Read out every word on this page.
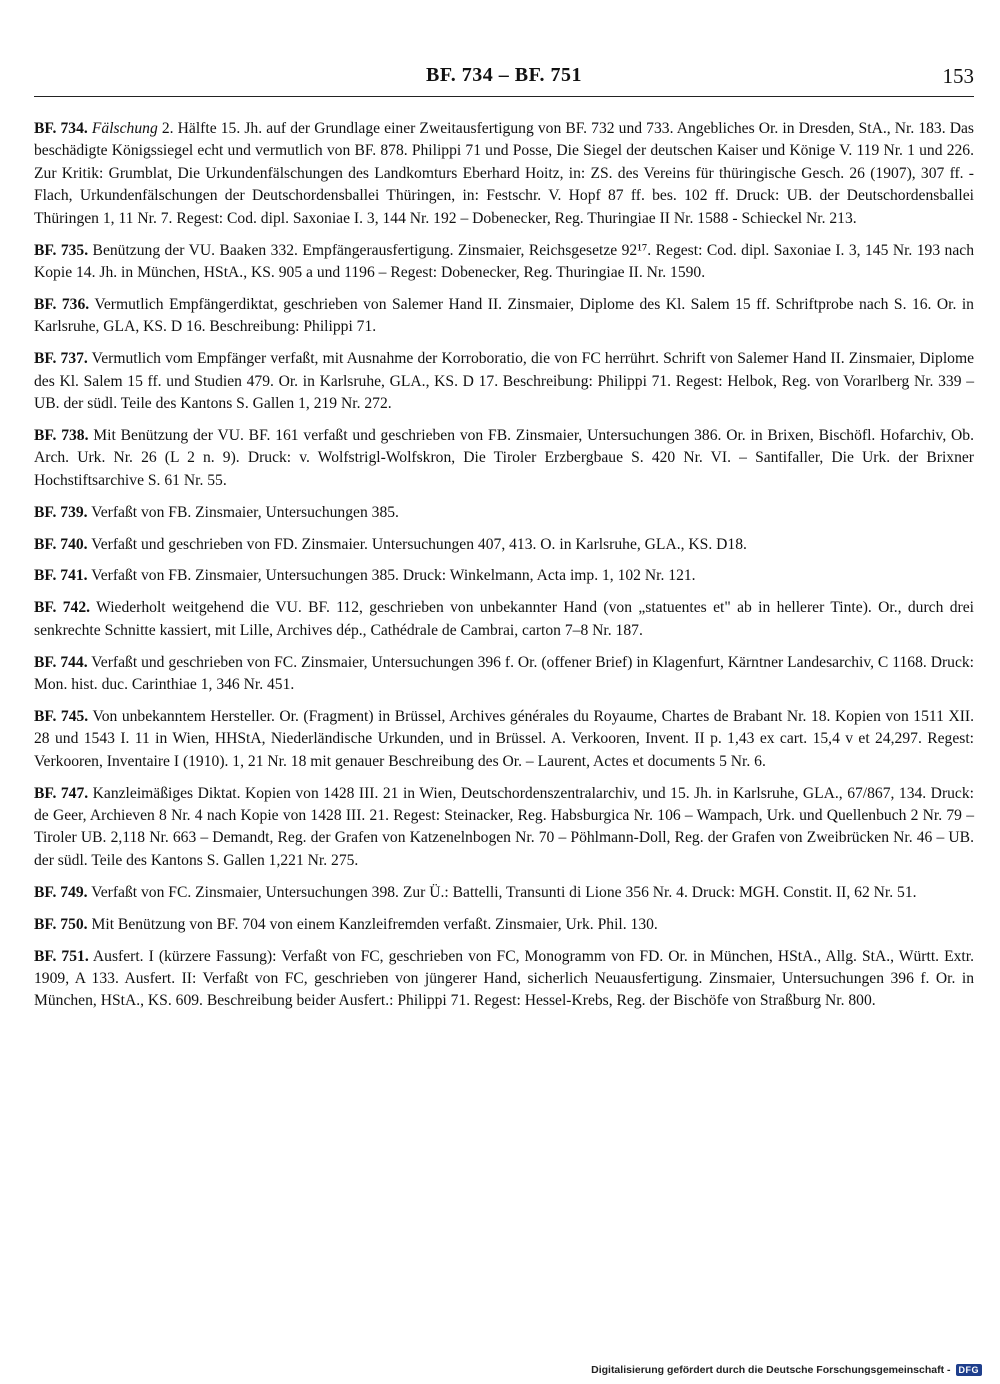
BF. 734 – BF. 751	153

BF. 734. Fälschung 2. Hälfte 15. Jh. auf der Grundlage einer Zweitausfertigung von BF. 732 und 733. Angebliches Or. in Dresden, StA., Nr. 183. Das beschädigte Königssiegel echt und vermutlich von BF. 878. Philippi 71 und Posse, Die Siegel der deutschen Kaiser und Könige V. 119 Nr. 1 und 226. Zur Kritik: Grumblat, Die Urkundenfälschungen des Landkomturs Eberhard Hoitz, in: ZS. des Vereins für thüringische Gesch. 26 (1907), 307 ff. - Flach, Urkundenfälschungen der Deutschordensballei Thüringen, in: Festschr. V. Hopf 87 ff. bes. 102 ff. Druck: UB. der Deutschordensballei Thüringen 1, 11 Nr. 7. Regest: Cod. dipl. Saxoniae I. 3, 144 Nr. 192 – Dobenecker, Reg. Thuringiae II Nr. 1588 - Schieckel Nr. 213.

BF. 735. Benützung der VU. Baaken 332. Empfängerausfertigung. Zinsmaier, Reichsgesetze 92¹⁷. Regest: Cod. dipl. Saxoniae I. 3, 145 Nr. 193 nach Kopie 14. Jh. in München, HStA., KS. 905 a und 1196 – Regest: Dobenecker, Reg. Thuringiae II. Nr. 1590.

BF. 736. Vermutlich Empfängerdiktat, geschrieben von Salemer Hand II. Zinsmaier, Diplome des Kl. Salem 15 ff. Schriftprobe nach S. 16. Or. in Karlsruhe, GLA, KS. D 16. Beschreibung: Philippi 71.

BF. 737. Vermutlich vom Empfänger verfaßt, mit Ausnahme der Korroboratio, die von FC herrührt. Schrift von Salemer Hand II. Zinsmaier, Diplome des Kl. Salem 15 ff. und Studien 479. Or. in Karlsruhe, GLA., KS. D 17. Beschreibung: Philippi 71. Regest: Helbok, Reg. von Vorarlberg Nr. 339 – UB. der südl. Teile des Kantons S. Gallen 1, 219 Nr. 272.

BF. 738. Mit Benützung der VU. BF. 161 verfaßt und geschrieben von FB. Zinsmaier, Untersuchungen 386. Or. in Brixen, Bischöfl. Hofarchiv, Ob. Arch. Urk. Nr. 26 (L 2 n. 9). Druck: v. Wolfstrigl-Wolfskron, Die Tiroler Erzbergbaue S. 420 Nr. VI. – Santifaller, Die Urk. der Brixner Hochstiftsarchive S. 61 Nr. 55.

BF. 739. Verfaßt von FB. Zinsmaier, Untersuchungen 385.

BF. 740. Verfaßt und geschrieben von FD. Zinsmaier. Untersuchungen 407, 413. O. in Karlsruhe, GLA., KS. D18.

BF. 741. Verfaßt von FB. Zinsmaier, Untersuchungen 385. Druck: Winkelmann, Acta imp. 1, 102 Nr. 121.

BF. 742. Wiederholt weitgehend die VU. BF. 112, geschrieben von unbekannter Hand (von „statuentes et" ab in hellerer Tinte). Or., durch drei senkrechte Schnitte kassiert, mit Lille, Archives dép., Cathédrale de Cambrai, carton 7–8 Nr. 187.

BF. 744. Verfaßt und geschrieben von FC. Zinsmaier, Untersuchungen 396 f. Or. (offener Brief) in Klagenfurt, Kärntner Landesarchiv, C 1168. Druck: Mon. hist. duc. Carinthiae 1, 346 Nr. 451.

BF. 745. Von unbekanntem Hersteller. Or. (Fragment) in Brüssel, Archives générales du Royaume, Chartes de Brabant Nr. 18. Kopien von 1511 XII. 28 und 1543 I. 11 in Wien, HHStA, Niederländische Urkunden, und in Brüssel. A. Verkooren, Invent. II p. 1,43 ex cart. 15,4 v et 24,297. Regest: Verkooren, Inventaire I (1910). 1, 21 Nr. 18 mit genauer Beschreibung des Or. – Laurent, Actes et documents 5 Nr. 6.

BF. 747. Kanzleimäßiges Diktat. Kopien von 1428 III. 21 in Wien, Deutschordenszentralarchiv, und 15. Jh. in Karlsruhe, GLA., 67/867, 134. Druck: de Geer, Archieven 8 Nr. 4 nach Kopie von 1428 III. 21. Regest: Steinacker, Reg. Habsburgica Nr. 106 – Wampach, Urk. und Quellenbuch 2 Nr. 79 – Tiroler UB. 2,118 Nr. 663 – Demandt, Reg. der Grafen von Katzenelnbogen Nr. 70 – Pöhlmann-Doll, Reg. der Grafen von Zweibrücken Nr. 46 – UB. der südl. Teile des Kantons S. Gallen 1,221 Nr. 275.

BF. 749. Verfaßt von FC. Zinsmaier, Untersuchungen 398. Zur Ü.: Battelli, Transunti di Lione 356 Nr. 4. Druck: MGH. Constit. II, 62 Nr. 51.

BF. 750. Mit Benützung von BF. 704 von einem Kanzleifremden verfaßt. Zinsmaier, Urk. Phil. 130.

BF. 751. Ausfert. I (kürzere Fassung): Verfaßt von FC, geschrieben von FC, Monogramm von FD. Or. in München, HStA., Allg. StA., Württ. Extr. 1909, A 133. Ausfert. II: Verfaßt von FC, geschrieben von jüngerer Hand, sicherlich Neuausfertigung. Zinsmaier, Untersuchungen 396 f. Or. in München, HStA., KS. 609. Beschreibung beider Ausfert.: Philippi 71. Regest: Hessel-Krebs, Reg. der Bischöfe von Straßburg Nr. 800.

Digitalisierung gefördert durch die Deutsche Forschungsgemeinschaft - DFG
